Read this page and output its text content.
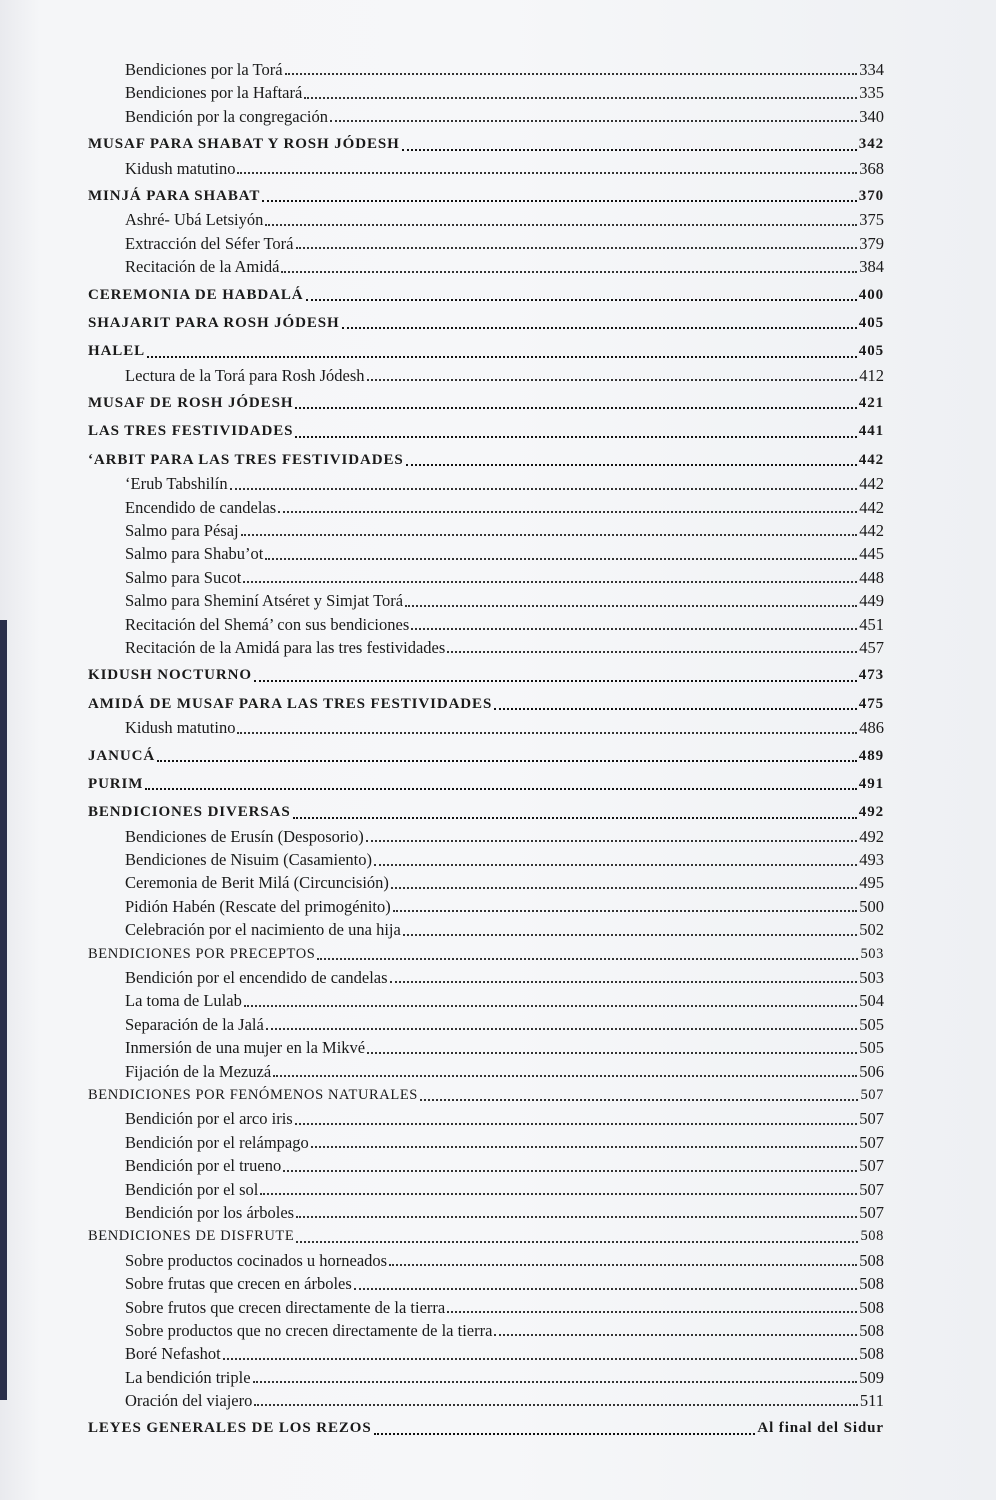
Bendiciones por la Torá	334
Bendiciones por la Haftará	335
Bendición por la congregación	340
MUSAF PARA SHABAT Y ROSH JÓDESH	342
Kidush matutino	368
MINJÁ PARA SHABAT	370
Ashré- Ubá Letsiyón	375
Extracción del Séfer Torá	379
Recitación de la Amidá	384
CEREMONIA DE HABDALÁ	400
SHAJARIT PARA ROSH JÓDESH	405
HALEL	405
Lectura de la Torá para Rosh Jódesh	412
MUSAF DE ROSH JÓDESH	421
LAS TRES FESTIVIDADES	441
‘ARBIT PARA LAS TRES FESTIVIDADES	442
‘Erub Tabshilín	442
Encendido de candelas	442
Salmo para Pésaj	442
Salmo para Shabu’ot	445
Salmo para Sucot	448
Salmo para Sheminí Atséret y Simjat Torá	449
Recitación del Shemá’ con sus bendiciones	451
Recitación de la Amidá para las tres festividades	457
KIDUSH NOCTURNO	473
AMIDÁ DE MUSAF PARA LAS TRES FESTIVIDADES	475
Kidush matutino	486
JANUCÁ	489
PURIM	491
BENDICIONES DIVERSAS	492
Bendiciones de Erusín (Desposorio)	492
Bendiciones de Nisuim (Casamiento)	493
Ceremonia de Berit Milá (Circuncisión)	495
Pidión Habén (Rescate del primogénito)	500
Celebración por el nacimiento de una hija	502
BENDICIONES POR PRECEPTOS	503
Bendición por el encendido de candelas	503
La toma de Lulab	504
Separación de la Jalá	505
Inmersión de una mujer en la Mikvé	505
Fijación de la Mezuzá	506
BENDICIONES POR FENÓMENOS NATURALES	507
Bendición por el arco iris	507
Bendición por el relámpago	507
Bendición por el trueno	507
Bendición por el sol	507
Bendición por los árboles	507
BENDICIONES DE DISFRUTE	508
Sobre productos cocinados u horneados	508
Sobre frutas que crecen en árboles	508
Sobre frutos que crecen directamente de la tierra	508
Sobre productos que no crecen directamente de la tierra	508
Boré Nefashot	508
La bendición triple	509
Oración del viajero	511
LEYES GENERALES DE LOS REZOS	Al final del Sidur
